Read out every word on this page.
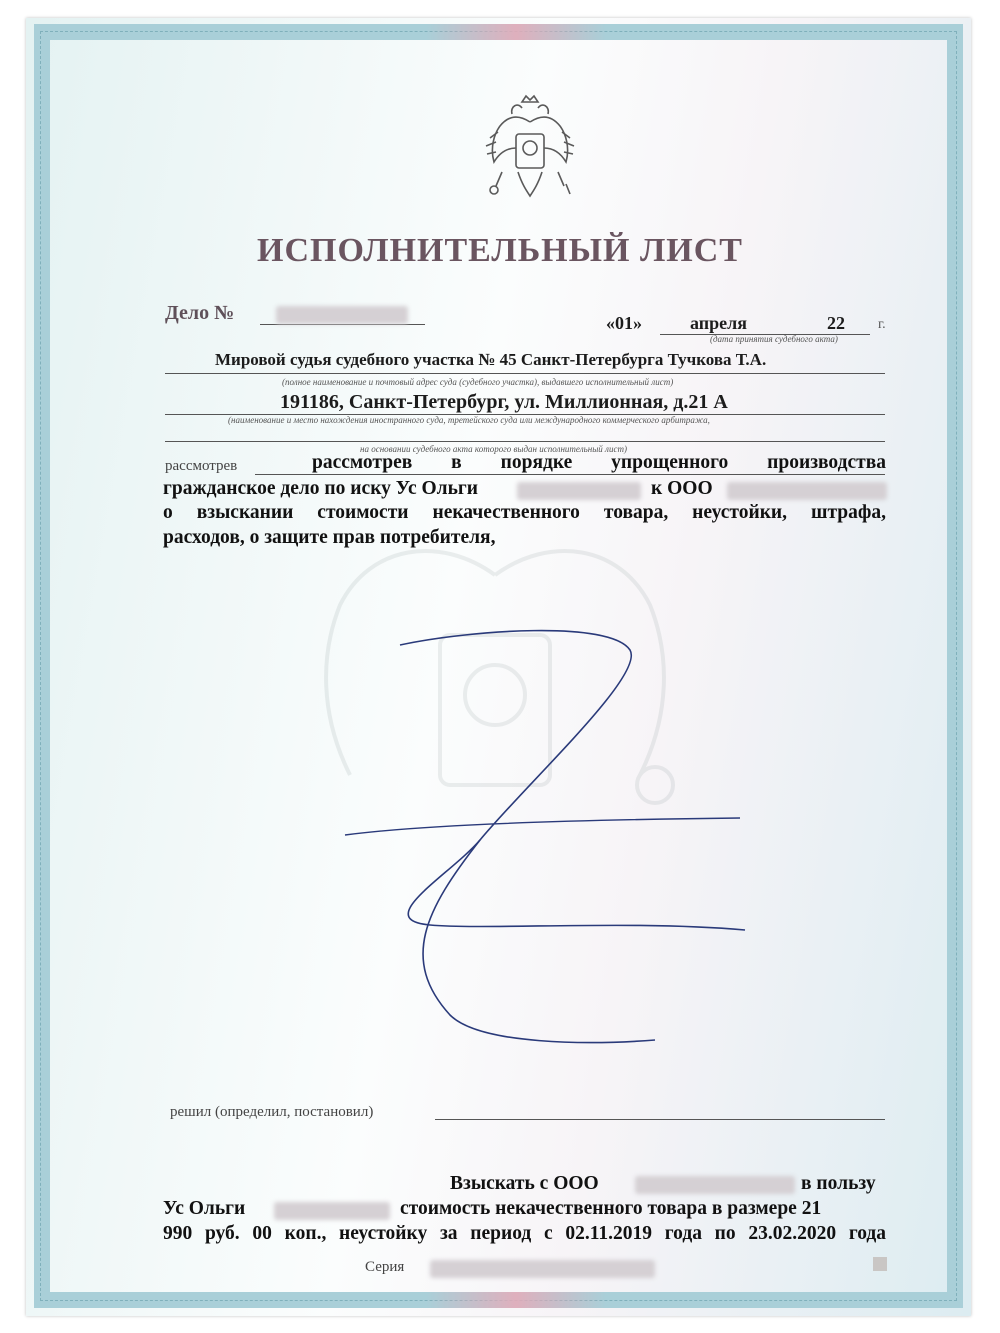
ИСПОЛНИТЕЛЬНЫЙ ЛИСТ
Дело №	«01»	апреля	22 г.
(дата принятия судебного акта)
Мировой судья судебного участка № 45 Санкт-Петербурга Тучкова Т.А.
(полное наименование и почтовый адрес суда (судебного участка), выдавшего исполнительный лист)
191186, Санкт-Петербург, ул. Миллионная, д.21 А
(наименование и место нахождения иностранного суда, третейского суда или международного коммерческого арбитража,
на основании судебного акта которого выдан исполнительный лист)
рассмотрев	рассмотрев в порядке упрощенного производства
гражданское дело по иску Ус Ольги	к ООО
о взыскании стоимости некачественного товара, неустойки, штрафа,
расходов, о защите прав потребителя,
решил (определил, постановил)
Взыскать с ООО	в пользу
Ус Ольги	стоимость некачественного товара в размере 21
990 руб. 00 коп., неустойку за период с 02.11.2019 года по 23.02.2020 года
Серия
